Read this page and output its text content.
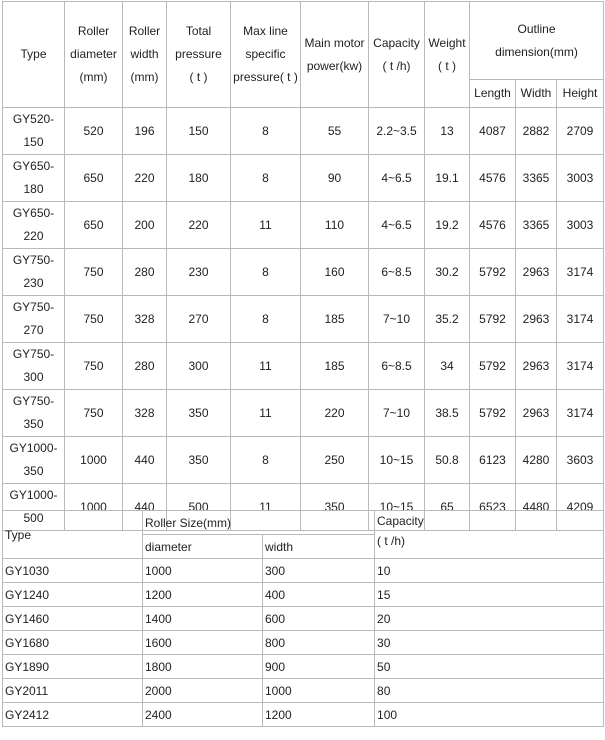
Type	Roller
diameter
(mm)	Roller
width
(mm)	Total
pressure
( t )	Max line
specific
pressure( t )	Main motor
power(kw)	Capacity
( t /h)	Weight
( t )	Outline
dimension(mm)		

								Length	Width	Height

GY520-
150	520	196	150	8	55	2.2~3.5	13	4087	2882	2709

GY650-
180	650	220	180	8	90	4~6.5	19.1	4576	3365	3003

GY650-
220	650	200	220	11	110	4~6.5	19.2	4576	3365	3003

GY750-
230	750	280	230	8	160	6~8.5	30.2	5792	2963	3174

GY750-
270	750	328	270	8	185	7~10	35.2	5792	2963	3174

GY750-
300	750	280	300	11	185	6~8.5	34	5792	2963	3174

GY750-
350	750	328	350	11	220	7~10	38.5	5792	2963	3174

GY1000-
350	1000	440	350	8	250	10~15	50.8	6123	4280	3603

GY1000-
500	1000	440	500	11	350	10~15	65	6523	4480	4209
Type	Roller Size(mm)		Capacity
( t /h)

	diameter	width	
GY1030	1000	300	10
GY1240	1200	400	15
GY1460	1400	600	20
GY1680	1600	800	30
GY1890	1800	900	50
GY2011	2000	1000	80
GY2412	2400	1200	100
